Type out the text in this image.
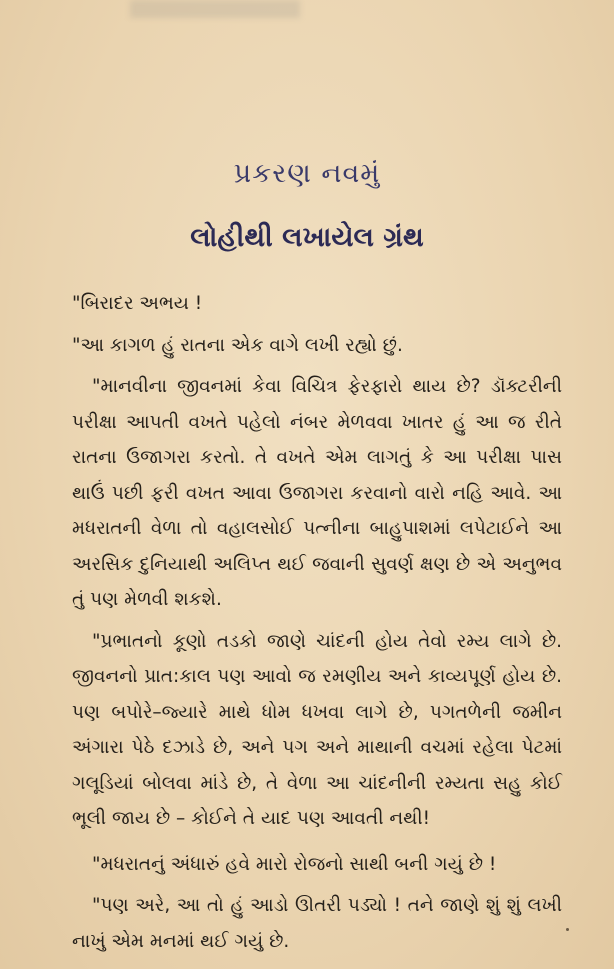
પ્રકરણ નવમું
લોહીથી લખાયેલ ગ્રંથ

"બિરાદર અભય !

"આ કાગળ હું રાતના એક વાગે લખી રહ્યો છું.

"માનવીના જીવનમાં કેવા વિચિત્ર ફેરફારો થાય છે? ડૉક્ટરીની પરીક્ષા આપતી વખતે પહેલો નંબર મેળવવા ખાતર હું આ જ રીતે રાતના ઉજાગરા કરતો. તે વખતે એમ લાગતું કે આ પરીક્ષા પાસ થાઉં પછી ફરી વખત આવા ઉજાગરા કરવાનો વારો નહિ આવે. આ મધરાતની વેળા તો વહાલસોઈ પત્નીના બાહુપાશમાં લપેટાઈને આ અરસિક દુનિયાથી અલિપ્ત થઈ જવાની સુવર્ણ ક્ષણ છે એ અનુભવ તું પણ મેળવી શકશે.

"પ્રભાતનો કૂણો તડકો જાણે ચાંદની હોય તેવો રમ્ય લાગે છે. જીવનનો પ્રાત:કાલ પણ આવો જ રમણીય અને કાવ્યપૂર્ણ હોય છે. પણ બપોરે–જ્યારે માથે ધોમ ધખવા લાગે છે, પગતળેની જમીન અંગારા પેઠે દઝાડે છે, અને પગ અને માથાની વચમાં રહેલા પેટમાં ગલૂડિયાં બોલવા માંડે છે, તે વેળા આ ચાંદનીની રમ્યતા સહુ કોઈ ભૂલી જાય છે – કોઈને તે યાદ પણ આવતી નથી!

"મધરાતનું અંધારું હવે મારો રોજનો સાથી બની ગયું છે !

"પણ અરે, આ તો હું આડો ઊતરી પડ્યો ! તને જાણે શું શું લખી નાખું એમ મનમાં થઈ ગયું છે.
